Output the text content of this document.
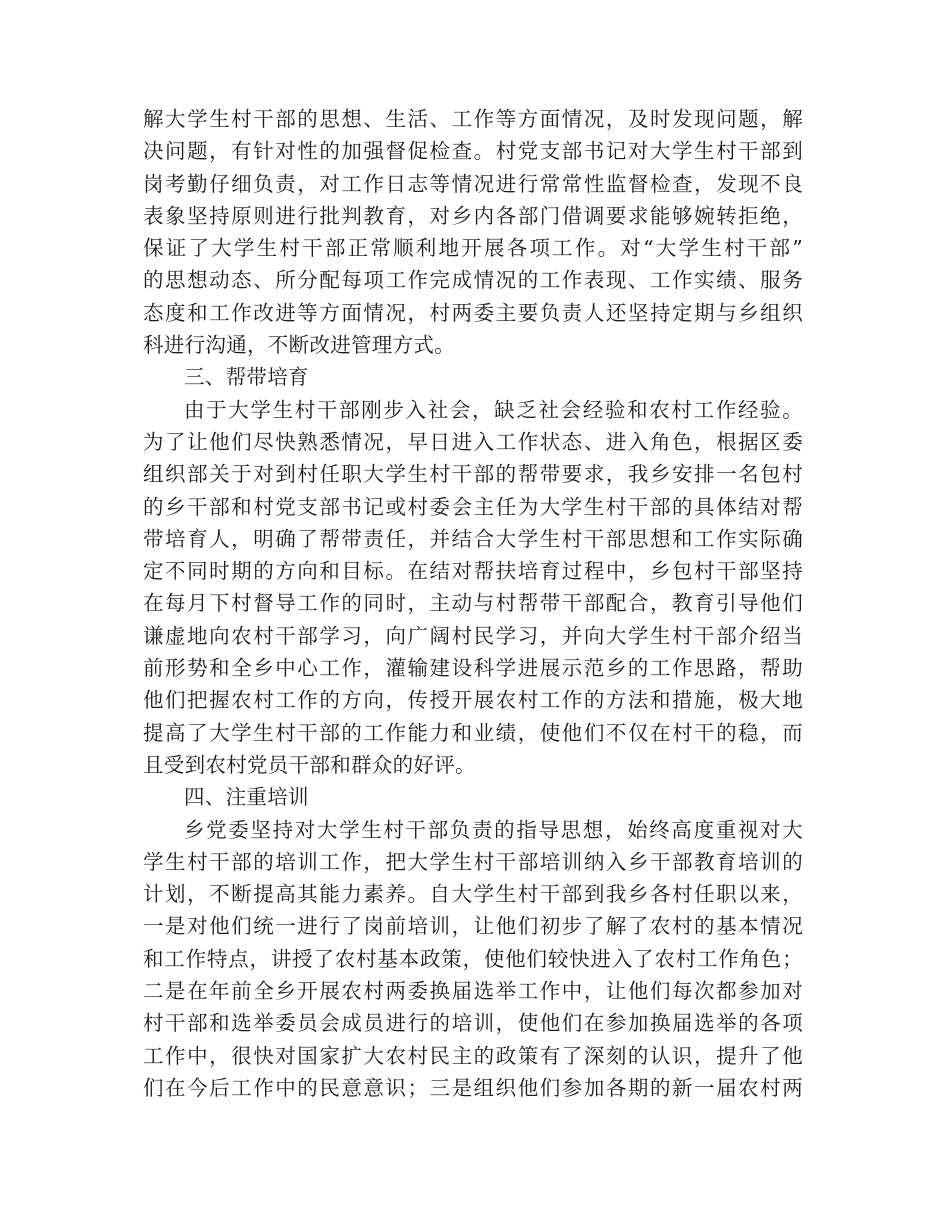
解大学生村干部的思想、生活、工作等方面情况，及时发现问题，解
决问题，有针对性的加强督促检查。村党支部书记对大学生村干部到
岗考勤仔细负责，对工作日志等情况进行常常性监督检查，发现不良
表象坚持原则进行批判教育，对乡内各部门借调要求能够婉转拒绝，
保证了大学生村干部正常顺利地开展各项工作。对“大学生村干部”
的思想动态、所分配每项工作完成情况的工作表现、工作实绩、服务
态度和工作改进等方面情况，村两委主要负责人还坚持定期与乡组织
科进行沟通，不断改进管理方式。
三、帮带培育
由于大学生村干部刚步入社会，缺乏社会经验和农村工作经验。
为了让他们尽快熟悉情况，早日进入工作状态、进入角色，根据区委
组织部关于对到村任职大学生村干部的帮带要求，我乡安排一名包村
的乡干部和村党支部书记或村委会主任为大学生村干部的具体结对帮
带培育人，明确了帮带责任，并结合大学生村干部思想和工作实际确
定不同时期的方向和目标。在结对帮扶培育过程中，乡包村干部坚持
在每月下村督导工作的同时，主动与村帮带干部配合，教育引导他们
谦虚地向农村干部学习，向广阔村民学习，并向大学生村干部介绍当
前形势和全乡中心工作，灌输建设科学进展示范乡的工作思路，帮助
他们把握农村工作的方向，传授开展农村工作的方法和措施，极大地
提高了大学生村干部的工作能力和业绩，使他们不仅在村干的稳，而
且受到农村党员干部和群众的好评。
四、注重培训
乡党委坚持对大学生村干部负责的指导思想，始终高度重视对大
学生村干部的培训工作，把大学生村干部培训纳入乡干部教育培训的
计划，不断提高其能力素养。自大学生村干部到我乡各村任职以来，
一是对他们统一进行了岗前培训，让他们初步了解了农村的基本情况
和工作特点，讲授了农村基本政策，使他们较快进入了农村工作角色；
二是在年前全乡开展农村两委换届选举工作中，让他们每次都参加对
村干部和选举委员会成员进行的培训，使他们在参加换届选举的各项
工作中，很快对国家扩大农村民主的政策有了深刻的认识，提升了他
们在今后工作中的民意意识；三是组织他们参加各期的新一届农村两
